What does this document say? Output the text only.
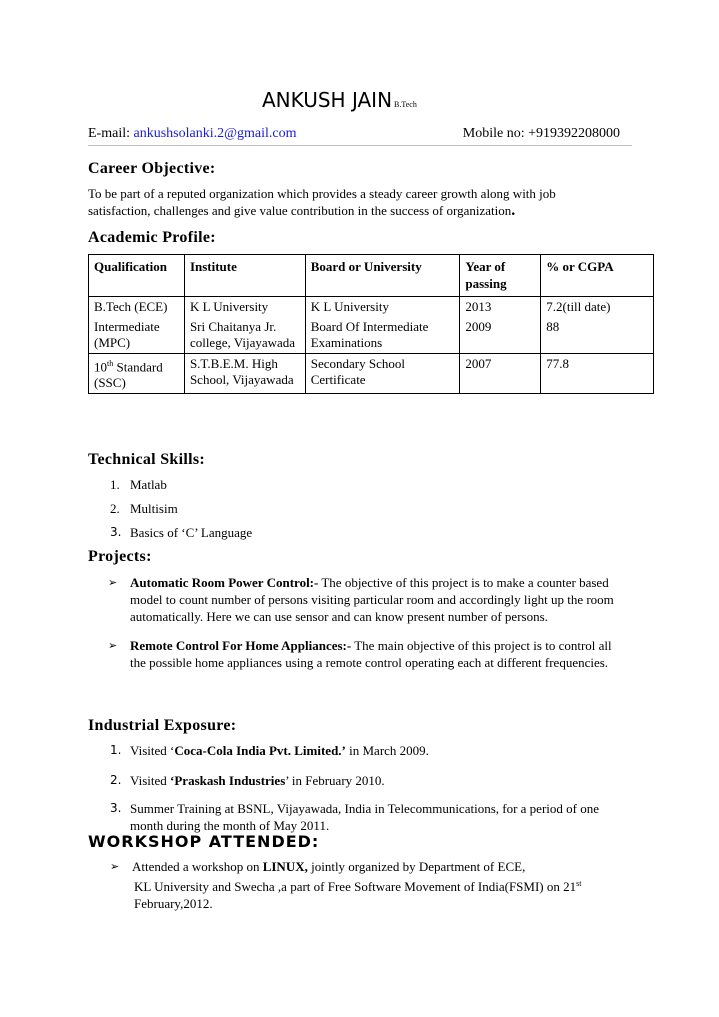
ANKUSH JAIN B.Tech
E-mail: ankushsolanki.2@gmail.com	Mobile no: +919392208000
Career Objective:
To be part of a reputed organization which provides a steady career growth along with job satisfaction, challenges and give value contribution in the success of organization.
Academic Profile:
Qualification	Institute	Board or University	Year of passing	% or CGPA
B.Tech (ECE)	K L University	K L University	2013	7.2(till date)
Intermediate (MPC)	Sri Chaitanya Jr. college, Vijayawada	Board Of Intermediate Examinations	2009	88
10th Standard (SSC)	S.T.B.E.M. High School, Vijayawada	Secondary School Certificate	2007	77.8
Technical Skills:
1. Matlab
2. Multisim
3. Basics of ‘C’ Language
Projects:
➢ Automatic Room Power Control:- The objective of this project is to make a counter based model to count number of persons visiting particular room and accordingly light up the room automatically. Here we can use sensor and can know present number of persons.
➢ Remote Control For Home Appliances:- The main objective of this project is to control all the possible home appliances using a remote control operating each at different frequencies.
Industrial Exposure:
1. Visited ‘Coca-Cola India Pvt. Limited.’ in March 2009.
2. Visited ‘Praskash Industries’ in February 2010.
3. Summer Training at BSNL, Vijayawada, India in Telecommunications, for a period of one month during the month of May 2011.
WORKSHOP ATTENDED:
➢ Attended a workshop on LINUX, jointly organized by Department of ECE,
KL University and Swecha ,a part of Free Software Movement of India(FSMI) on 21st
February,2012.
